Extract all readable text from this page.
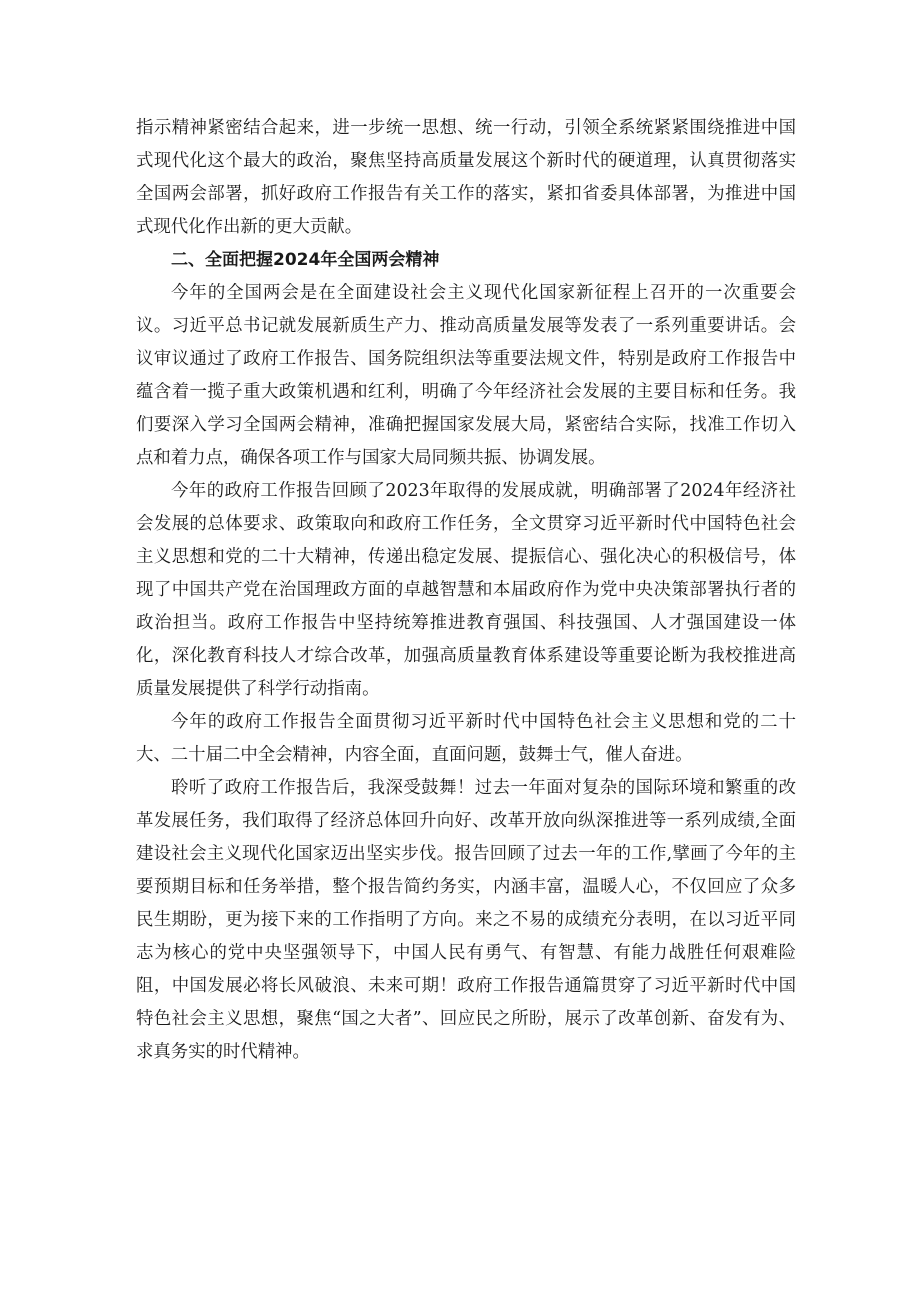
指示精神紧密结合起来，进一步统一思想、统一行动，引领全系统紧紧围绕推进中国式现代化这个最大的政治，聚焦坚持高质量发展这个新时代的硬道理，认真贯彻落实全国两会部署，抓好政府工作报告有关工作的落实，紧扣省委具体部署，为推进中国式现代化作出新的更大贡献。

二、全面把握2024年全国两会精神

今年的全国两会是在全面建设社会主义现代化国家新征程上召开的一次重要会议。习近平总书记就发展新质生产力、推动高质量发展等发表了一系列重要讲话。会议审议通过了政府工作报告、国务院组织法等重要法规文件，特别是政府工作报告中蕴含着一揽子重大政策机遇和红利，明确了今年经济社会发展的主要目标和任务。我们要深入学习全国两会精神，准确把握国家发展大局，紧密结合实际，找准工作切入点和着力点，确保各项工作与国家大局同频共振、协调发展。

今年的政府工作报告回顾了2023年取得的发展成就，明确部署了2024年经济社会发展的总体要求、政策取向和政府工作任务，全文贯穿习近平新时代中国特色社会主义思想和党的二十大精神，传递出稳定发展、提振信心、强化决心的积极信号，体现了中国共产党在治国理政方面的卓越智慧和本届政府作为党中央决策部署执行者的政治担当。政府工作报告中坚持统筹推进教育强国、科技强国、人才强国建设一体化，深化教育科技人才综合改革，加强高质量教育体系建设等重要论断为我校推进高质量发展提供了科学行动指南。

今年的政府工作报告全面贯彻习近平新时代中国特色社会主义思想和党的二十大、二十届二中全会精神，内容全面，直面问题，鼓舞士气，催人奋进。

聆听了政府工作报告后，我深受鼓舞！过去一年面对复杂的国际环境和繁重的改革发展任务，我们取得了经济总体回升向好、改革开放向纵深推进等一系列成绩,全面建设社会主义现代化国家迈出坚实步伐。报告回顾了过去一年的工作,擘画了今年的主要预期目标和任务举措，整个报告简约务实，内涵丰富，温暖人心，不仅回应了众多民生期盼，更为接下来的工作指明了方向。来之不易的成绩充分表明，在以习近平同志为核心的党中央坚强领导下，中国人民有勇气、有智慧、有能力战胜任何艰难险阻，中国发展必将长风破浪、未来可期！政府工作报告通篇贯穿了习近平新时代中国特色社会主义思想，聚焦“国之大者”、回应民之所盼，展示了改革创新、奋发有为、求真务实的时代精神。
